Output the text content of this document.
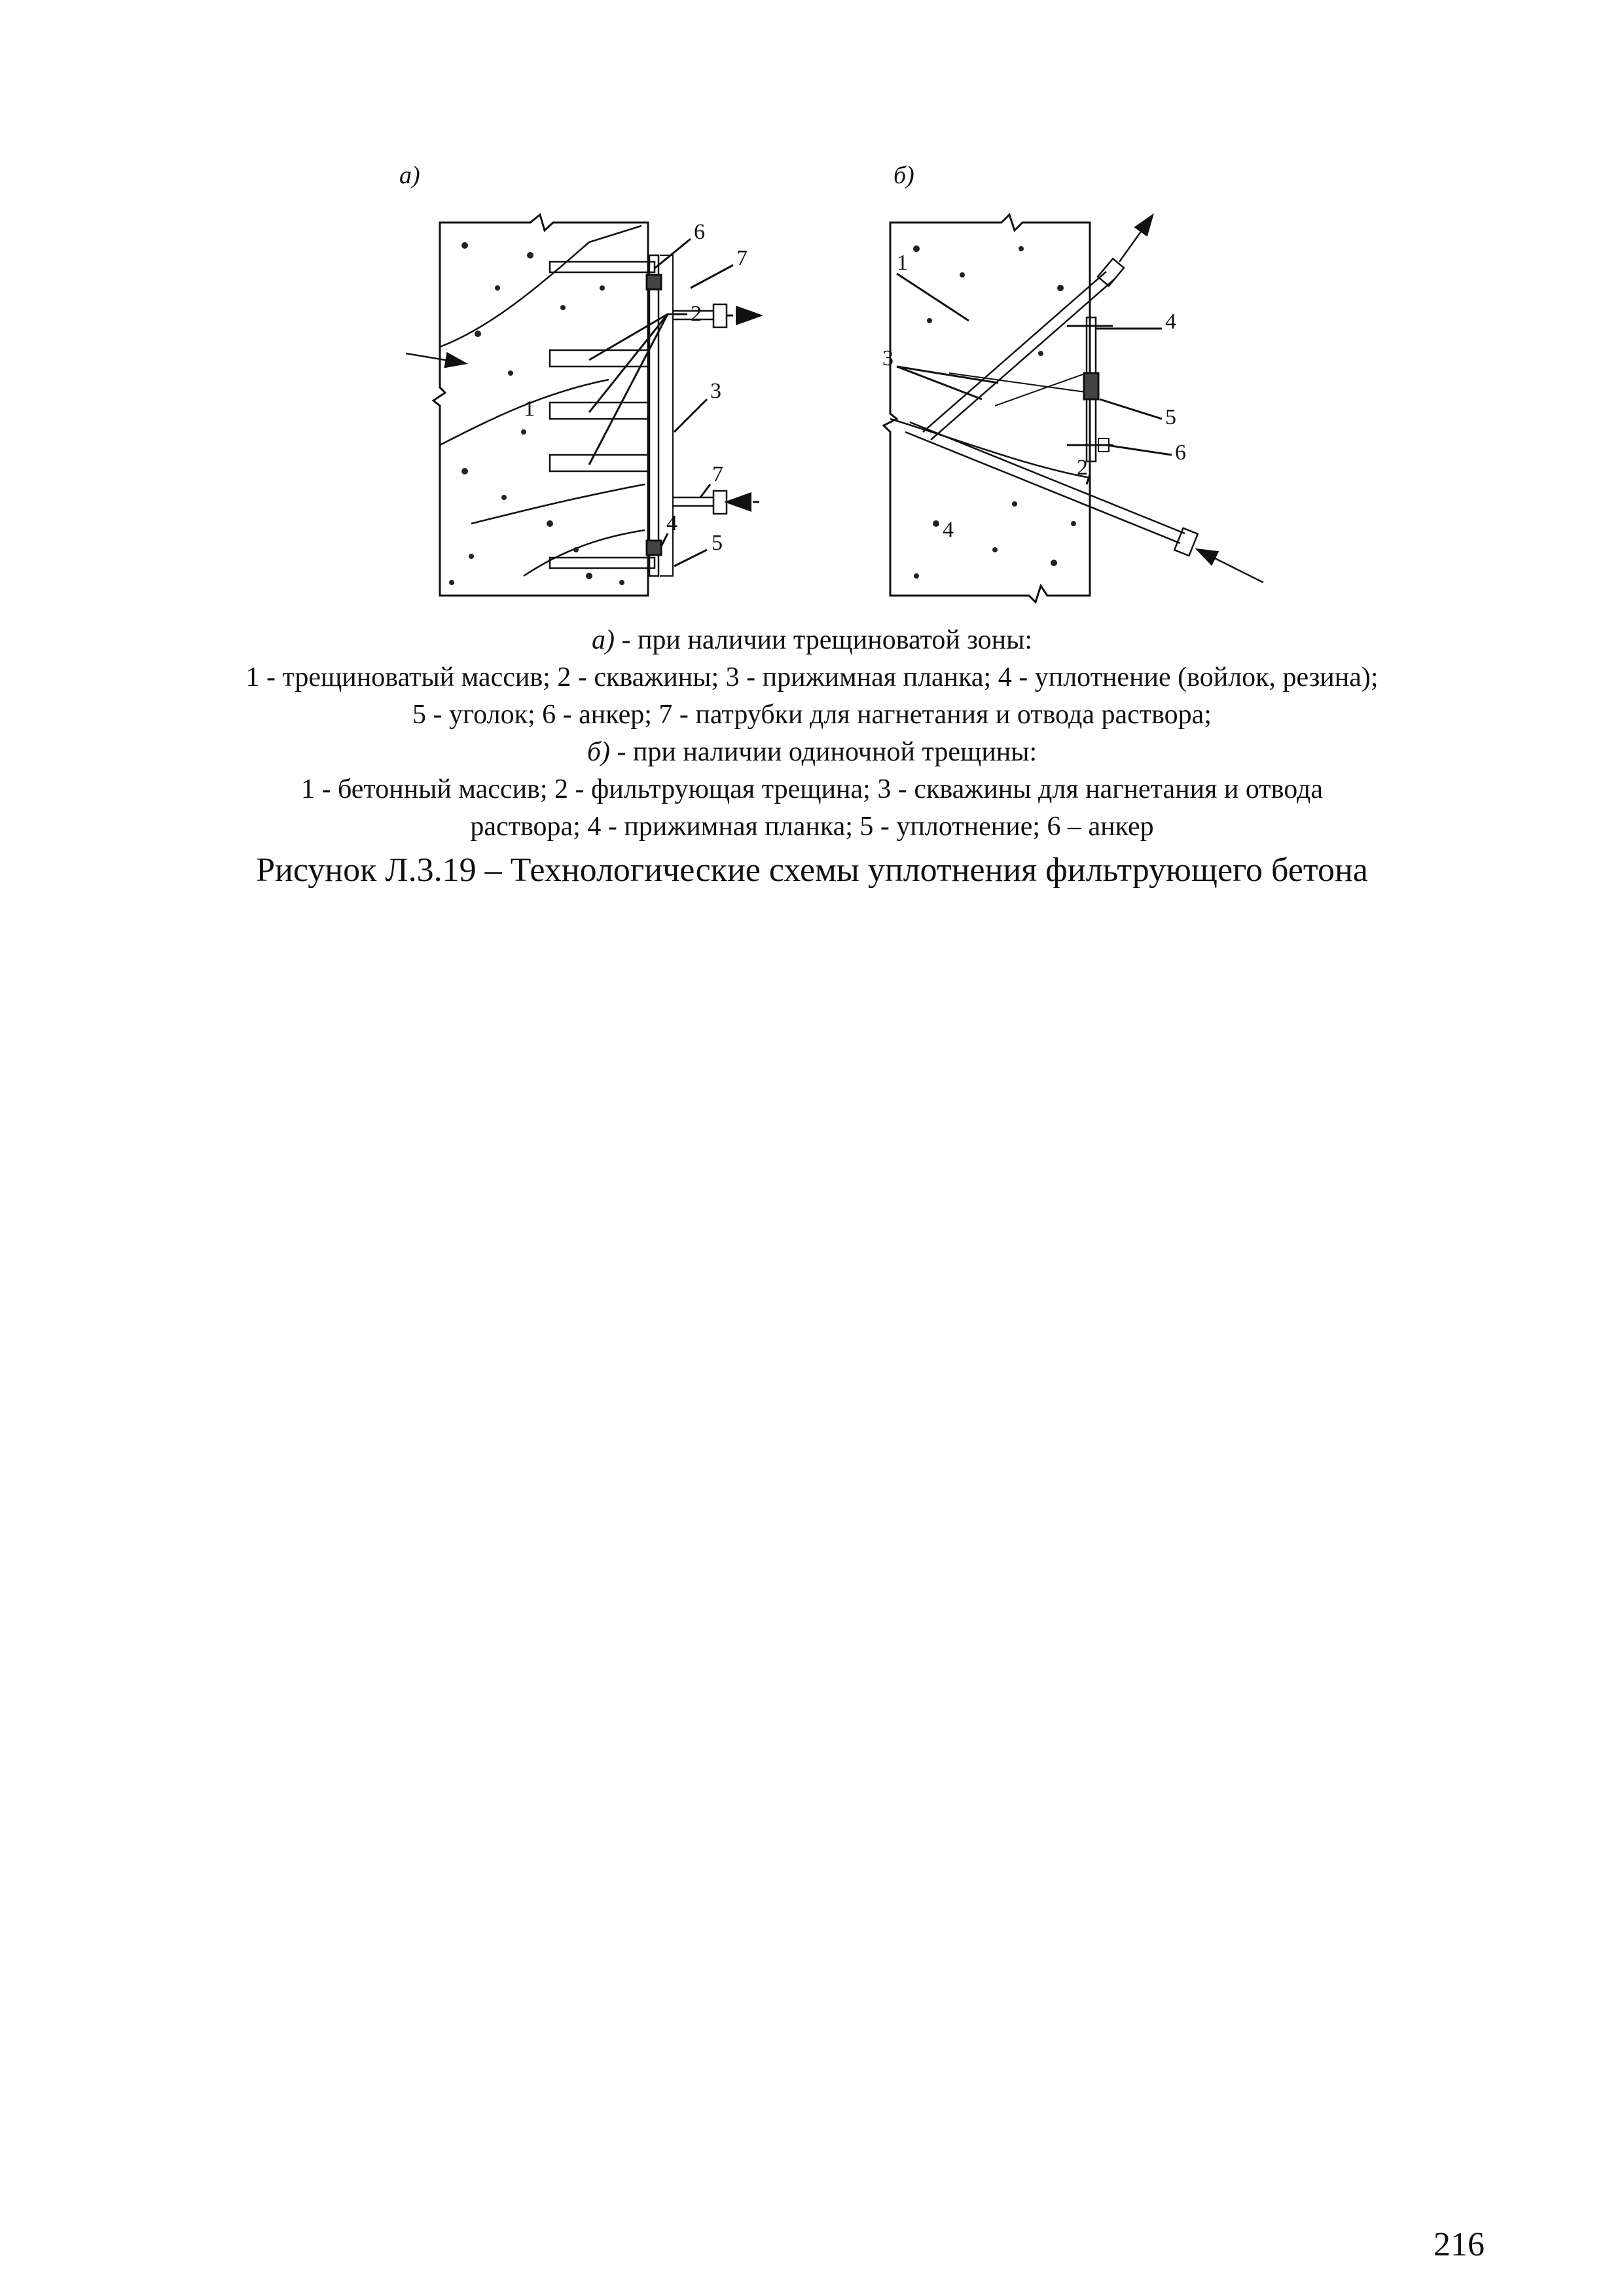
а)	б)
6
7
2
3
7
4
5
1
1
4
3
5
6
2
4
а) - при наличии трещиноватой зоны:
1 - трещиноватый массив; 2 - скважины; 3 - прижимная планка; 4 - уплотнение (войлок, резина);
5 - уголок; 6 - анкер; 7 - патрубки для нагнетания и отвода раствора;
б) - при наличии одиночной трещины:
1 - бетонный массив; 2 - фильтрующая трещина; 3 - скважины для нагнетания и отвода
раствора; 4 - прижимная планка; 5 - уплотнение; 6 – анкер
Рисунок Л.3.19 – Технологические схемы уплотнения фильтрующего бетона
216
